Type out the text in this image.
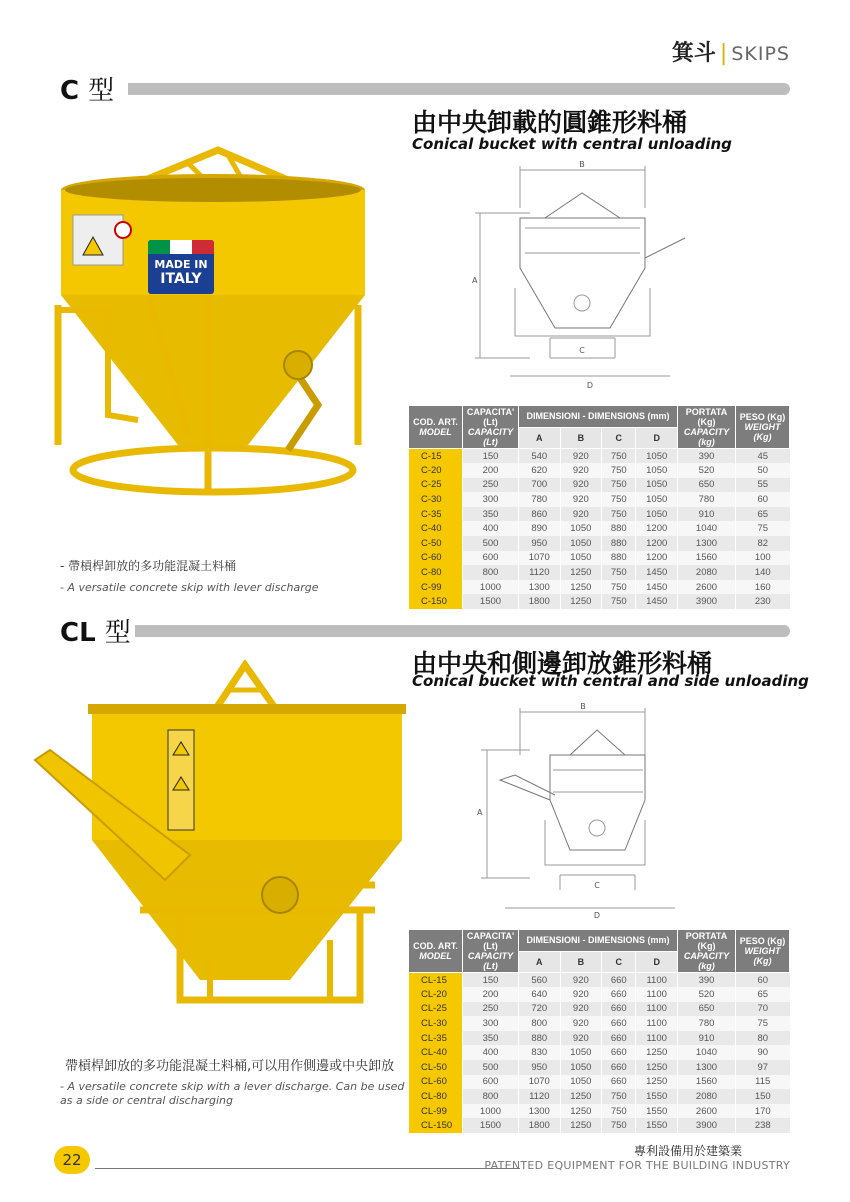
箕斗 | SKIPS
C 型
由中央卸載的圓錐形料桶
Conical bucket with central unloading
MADE IN
ITALY
B
A
C
D
COD. ART.
MODEL	CAPACITA' (Lt)
CAPACITY (Lt)	DIMENSIONI - DIMENSIONS (mm)				PORTATA (Kg)
CAPACITY (kg)	PESO (Kg)
WEIGHT (Kg)
		A	B	C	D		
C-15	150	540	920	750	1050	390	45
C-20	200	620	920	750	1050	520	50
C-25	250	700	920	750	1050	650	55
C-30	300	780	920	750	1050	780	60
C-35	350	860	920	750	1050	910	65
C-40	400	890	1050	880	1200	1040	75
C-50	500	950	1050	880	1200	1300	82
C-60	600	1070	1050	880	1200	1560	100
C-80	800	1120	1250	750	1450	2080	140
C-99	1000	1300	1250	750	1450	2600	160
C-150	1500	1800	1250	750	1450	3900	230
- 帶槓桿卸放的多功能混凝土料桶
- A versatile concrete skip with lever discharge
CL 型
由中央和側邊卸放錐形料桶
Conical bucket with central and side unloading
B
A
C
D
COD. ART.
MODEL	CAPACITA' (Lt)
CAPACITY (Lt)	DIMENSIONI - DIMENSIONS (mm)				PORTATA (Kg)
CAPACITY (kg)	PESO (Kg)
WEIGHT (Kg)
		A	B	C	D		
CL-15	150	560	920	660	1100	390	60
CL-20	200	640	920	660	1100	520	65
CL-25	250	720	920	660	1100	650	70
CL-30	300	800	920	660	1100	780	75
CL-35	350	880	920	660	1100	910	80
CL-40	400	830	1050	660	1250	1040	90
CL-50	500	950	1050	660	1250	1300	97
CL-60	600	1070	1050	660	1250	1560	115
CL-80	800	1120	1250	750	1550	2080	150
CL-99	1000	1300	1250	750	1550	2600	170
CL-150	1500	1800	1250	750	1550	3900	238
帶槓桿卸放的多功能混凝土料桶,可以用作側邊或中央卸放
- A versatile concrete skip with a lever discharge. Can be used as a side or central discharging
22	專利設備用於建築業
PATENTED EQUIPMENT FOR THE BUILDING INDUSTRY
